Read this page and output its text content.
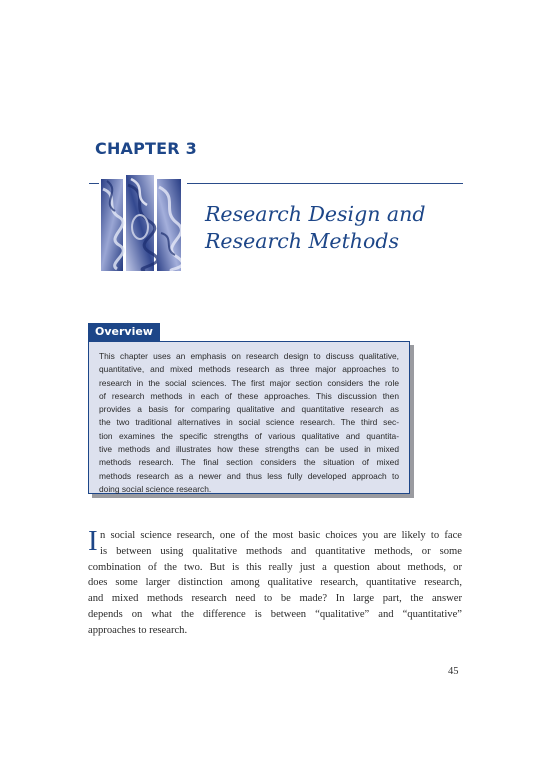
CHAPTER 3
Research Design and
Research Methods
Overview
This chapter uses an emphasis on research design to discuss qualitative,
quantitative, and mixed methods research as three major approaches to
research in the social sciences. The first major section considers the role
of research methods in each of these approaches. This discussion then
provides a basis for comparing qualitative and quantitative research as
the two traditional alternatives in social science research. The third sec-
tion examines the specific strengths of various qualitative and quantita-
tive methods and illustrates how these strengths can be used in mixed
methods research. The final section considers the situation of mixed
methods research as a newer and thus less fully developed approach to
doing social science research.
I n social science research, one of the most basic choices you are likely to face
is between using qualitative methods and quantitative methods, or some
combination of the two. But is this really just a question about methods, or
does some larger distinction among qualitative research, quantitative research,
and mixed methods research need to be made? In large part, the answer
depends on what the difference is between “qualitative” and “quantitative”
approaches to research.
45
